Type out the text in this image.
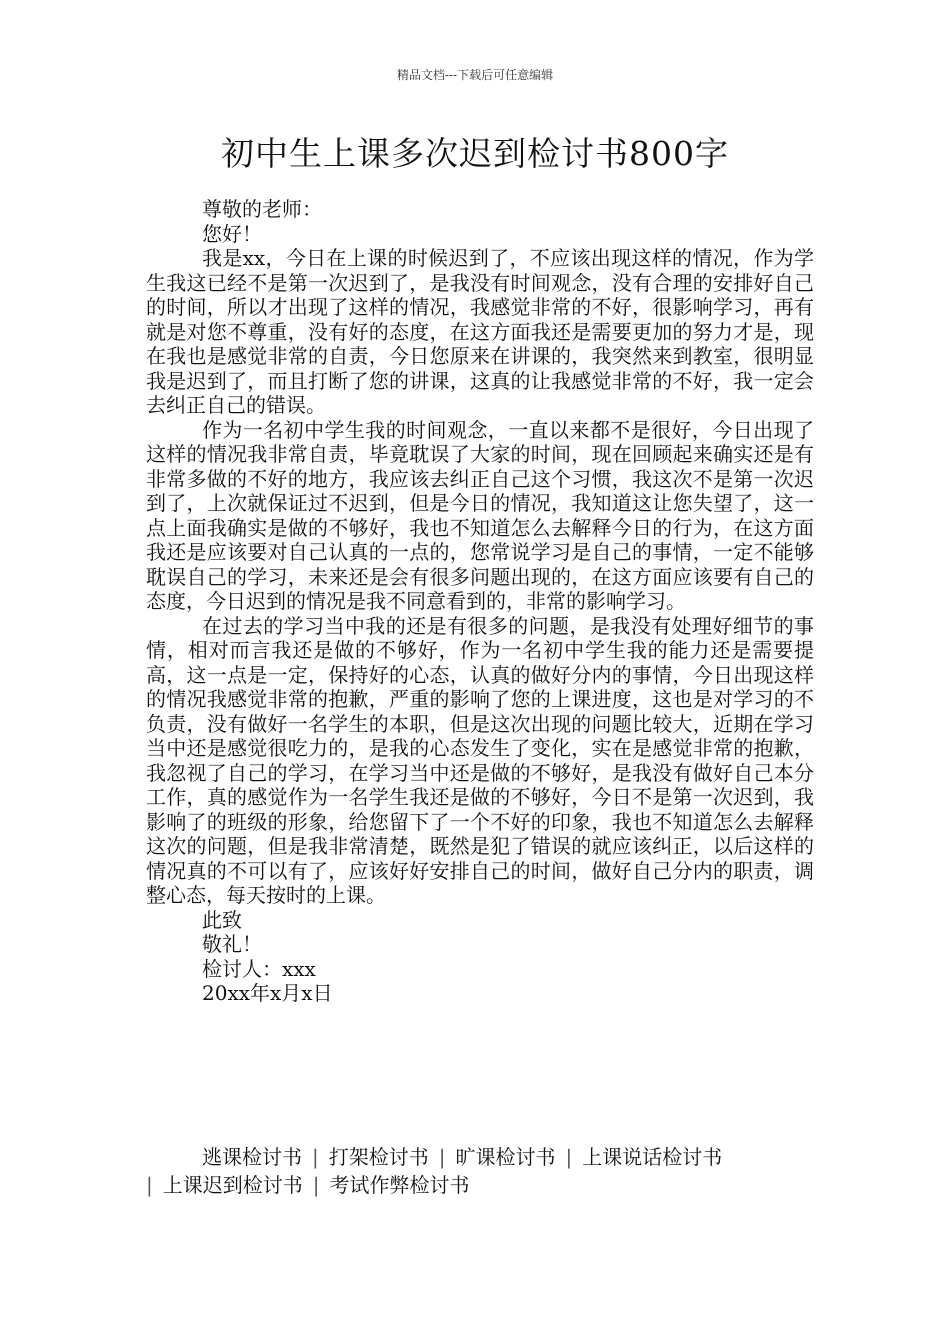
精品文档---下载后可任意编辑
初中生上课多次迟到检讨书800字

尊敬的老师：

您好！

我是xx，今日在上课的时候迟到了，不应该出现这样的情况，作为学生我这已经不是第一次迟到了，是我没有时间观念，没有合理的安排好自己的时间，所以才出现了这样的情况，我感觉非常的不好，很影响学习，再有就是对您不尊重，没有好的态度，在这方面我还是需要更加的努力才是，现在我也是感觉非常的自责，今日您原来在讲课的，我突然来到教室，很明显我是迟到了，而且打断了您的讲课，这真的让我感觉非常的不好，我一定会去纠正自己的错误。

作为一名初中学生我的时间观念，一直以来都不是很好，今日出现了这样的情况我非常自责，毕竟耽误了大家的时间，现在回顾起来确实还是有非常多做的不好的地方，我应该去纠正自己这个习惯，我这次不是第一次迟到了，上次就保证过不迟到，但是今日的情况，我知道这让您失望了，这一点上面我确实是做的不够好，我也不知道怎么去解释今日的行为，在这方面我还是应该要对自己认真的一点的，您常说学习是自己的事情，一定不能够耽误自己的学习，未来还是会有很多问题出现的，在这方面应该要有自己的态度，今日迟到的情况是我不同意看到的，非常的影响学习。

在过去的学习当中我的还是有很多的问题，是我没有处理好细节的事情，相对而言我还是做的不够好，作为一名初中学生我的能力还是需要提高，这一点是一定，保持好的心态，认真的做好分内的事情，今日出现这样的情况我感觉非常的抱歉，严重的影响了您的上课进度，这也是对学习的不负责，没有做好一名学生的本职，但是这次出现的问题比较大，近期在学习当中还是感觉很吃力的，是我的心态发生了变化，实在是感觉非常的抱歉，我忽视了自己的学习，在学习当中还是做的不够好，是我没有做好自己本分工作，真的感觉作为一名学生我还是做的不够好，今日不是第一次迟到，我影响了的班级的形象，给您留下了一个不好的印象，我也不知道怎么去解释这次的问题，但是我非常清楚，既然是犯了错误的就应该纠正，以后这样的情况真的不可以有了，应该好好安排自己的时间，做好自己分内的职责，调整心态，每天按时的上课。

此致

敬礼！

检讨人：xxx

20xx年x月x日

逃课检讨书 | 打架检讨书 | 旷课检讨书 | 上课说话检讨书
| 上课迟到检讨书 | 考试作弊检讨书
